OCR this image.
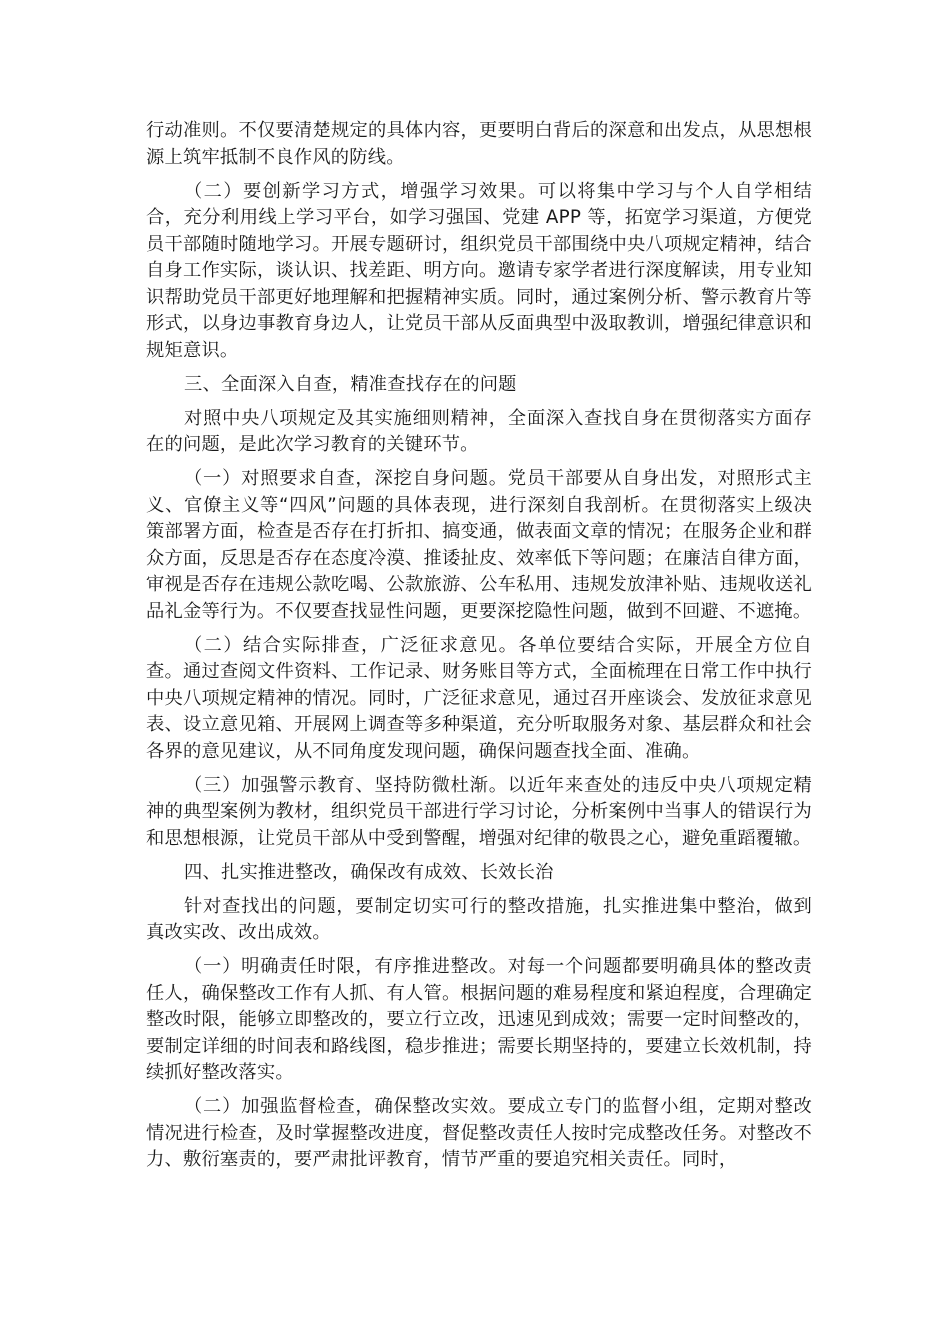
行动准则。不仅要清楚规定的具体内容，更要明白背后的深意和出发点，从思想根源上筑牢抵制不良作风的防线。

（二）要创新学习方式，增强学习效果。可以将集中学习与个人自学相结合，充分利用线上学习平台，如学习强国、党建 APP 等，拓宽学习渠道，方便党员干部随时随地学习。开展专题研讨，组织党员干部围绕中央八项规定精神，结合自身工作实际，谈认识、找差距、明方向。邀请专家学者进行深度解读，用专业知识帮助党员干部更好地理解和把握精神实质。同时，通过案例分析、警示教育片等形式，以身边事教育身边人，让党员干部从反面典型中汲取教训，增强纪律意识和规矩意识。

三、全面深入自查，精准查找存在的问题

对照中央八项规定及其实施细则精神，全面深入查找自身在贯彻落实方面存在的问题，是此次学习教育的关键环节。

（一）对照要求自查，深挖自身问题。党员干部要从自身出发，对照形式主义、官僚主义等“四风”问题的具体表现，进行深刻自我剖析。在贯彻落实上级决策部署方面，检查是否存在打折扣、搞变通，做表面文章的情况；在服务企业和群众方面，反思是否存在态度冷漠、推诿扯皮、效率低下等问题；在廉洁自律方面，审视是否存在违规公款吃喝、公款旅游、公车私用、违规发放津补贴、违规收送礼品礼金等行为。不仅要查找显性问题，更要深挖隐性问题，做到不回避、不遮掩。

（二）结合实际排查，广泛征求意见。各单位要结合实际，开展全方位自查。通过查阅文件资料、工作记录、财务账目等方式，全面梳理在日常工作中执行中央八项规定精神的情况。同时，广泛征求意见，通过召开座谈会、发放征求意见表、设立意见箱、开展网上调查等多种渠道，充分听取服务对象、基层群众和社会各界的意见建议，从不同角度发现问题，确保问题查找全面、准确。

（三）加强警示教育、坚持防微杜渐。以近年来查处的违反中央八项规定精神的典型案例为教材，组织党员干部进行学习讨论，分析案例中当事人的错误行为和思想根源，让党员干部从中受到警醒，增强对纪律的敬畏之心，避免重蹈覆辙。

四、扎实推进整改，确保改有成效、长效长治

针对查找出的问题，要制定切实可行的整改措施，扎实推进集中整治，做到真改实改、改出成效。

（一）明确责任时限，有序推进整改。对每一个问题都要明确具体的整改责任人，确保整改工作有人抓、有人管。根据问题的难易程度和紧迫程度，合理确定整改时限，能够立即整改的，要立行立改，迅速见到成效；需要一定时间整改的，要制定详细的时间表和路线图，稳步推进；需要长期坚持的，要建立长效机制，持续抓好整改落实。

（二）加强监督检查，确保整改实效。要成立专门的监督小组，定期对整改情况进行检查，及时掌握整改进度，督促整改责任人按时完成整改任务。对整改不力、敷衍塞责的，要严肃批评教育，情节严重的要追究相关责任。同时，
